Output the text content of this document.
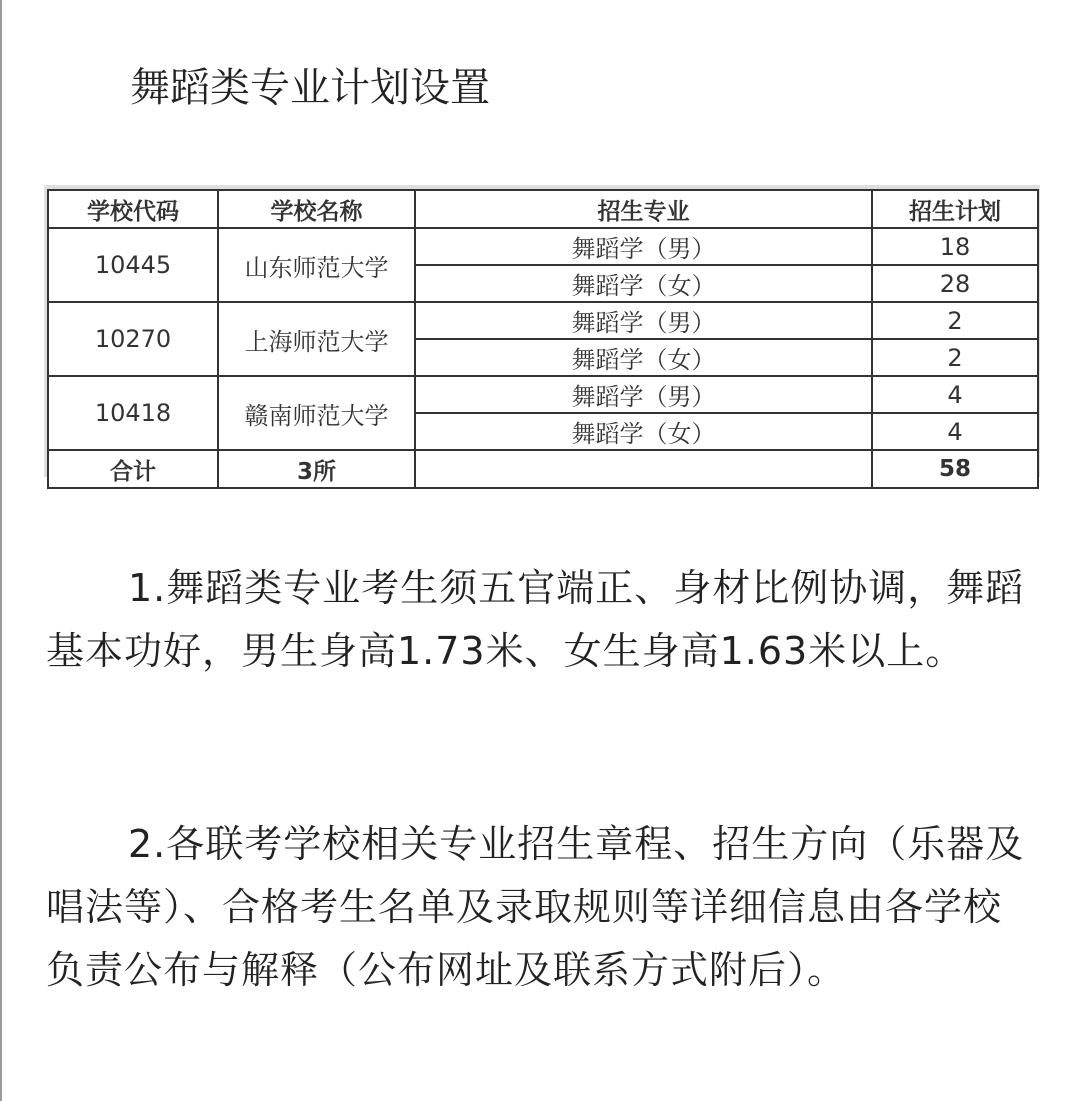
舞蹈类专业计划设置
学校代码	学校名称	招生专业	招生计划
10445	山东师范大学	舞蹈学（男）	18
		舞蹈学（女）	28
10270	上海师范大学	舞蹈学（男）	2
		舞蹈学（女）	2
10418	赣南师范大学	舞蹈学（男）	4
		舞蹈学（女）	4
合计	3所		58

1.舞蹈类专业考生须五官端正、身材比例协调，舞蹈基本功好，男生身高1.73米、女生身高1.63米以上。

2.各联考学校相关专业招生章程、招生方向（乐器及唱法等）、合格考生名单及录取规则等详细信息由各学校负责公布与解释（公布网址及联系方式附后）。
